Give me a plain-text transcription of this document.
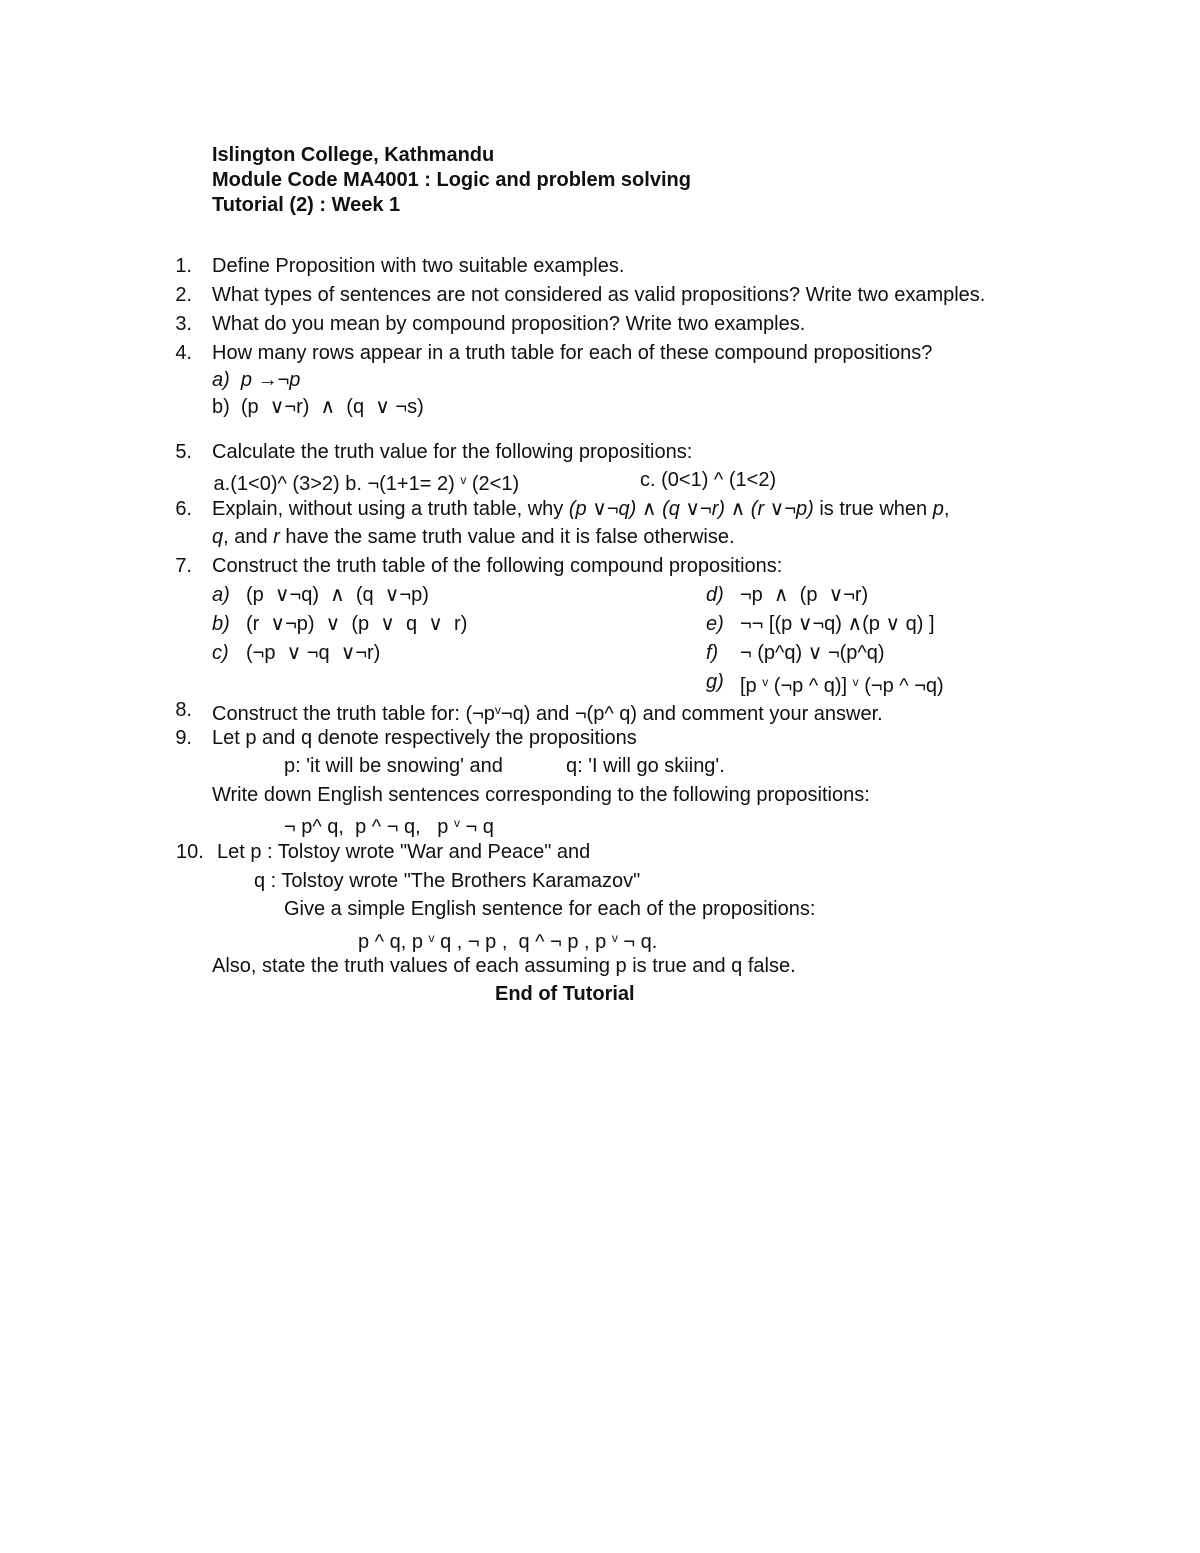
Islington College, Kathmandu
Module Code MA4001 : Logic and problem solving
Tutorial (2) : Week 1
1. Define Proposition with two suitable examples.
2. What types of sentences are not considered as valid propositions? Write two examples.
3. What do you mean by compound proposition? Write two examples.
4. How many rows appear in a truth table for each of these compound propositions?
a)  p →¬p
b)  (p  ∨¬r)  ∧  (q  ∨ ¬s)
5. Calculate the truth value for the following propositions:
a.(1<0)^ (3>2) b. ¬(1+1= 2) $^v$ (2<1)	c. (0<1) ^ (1<2)
6. Explain, without using a truth table, why (p ∨¬q) ∧ (q ∨¬r) ∧ (r ∨¬p) is true when p,
q, and r have the same truth value and it is false otherwise.
7. Construct the truth table of the following compound propositions:
a) (p  ∨¬q)  ∧  (q  ∨¬p)	d) ¬p  ∧  (p  ∨¬r)
b) (r  ∨¬p)  ∨  (p  ∨  q  ∨  r)	e) ¬¬ [(p ∨¬q) ∧(p ∨ q) ]
c) (¬p  ∨ ¬q  ∨¬r)	f) ¬ (p^q) ∨ ¬(p^q)
g) [p $^v$ (¬p ^ q)] $^v$ (¬p ^ ¬q)
8. Construct the truth table for: $(\neg p^v\neg q)$ and ¬(p^ q) and comment your answer.
9. Let p and q denote respectively the propositions
p: 'it will be snowing' and	q: 'I will go skiing'.
Write down English sentences corresponding to the following propositions:
¬ p^ q,  p ^ ¬ q,   p $^v$ ¬ q
10. Let p : Tolstoy wrote "War and Peace" and
q : Tolstoy wrote "The Brothers Karamazov"
Give a simple English sentence for each of the propositions:
p ^ q, p $^v$ q , ¬ p ,  q ^ ¬ p , p $^v$ ¬ q.
Also, state the truth values of each assuming p is true and q false.
End of Tutorial
